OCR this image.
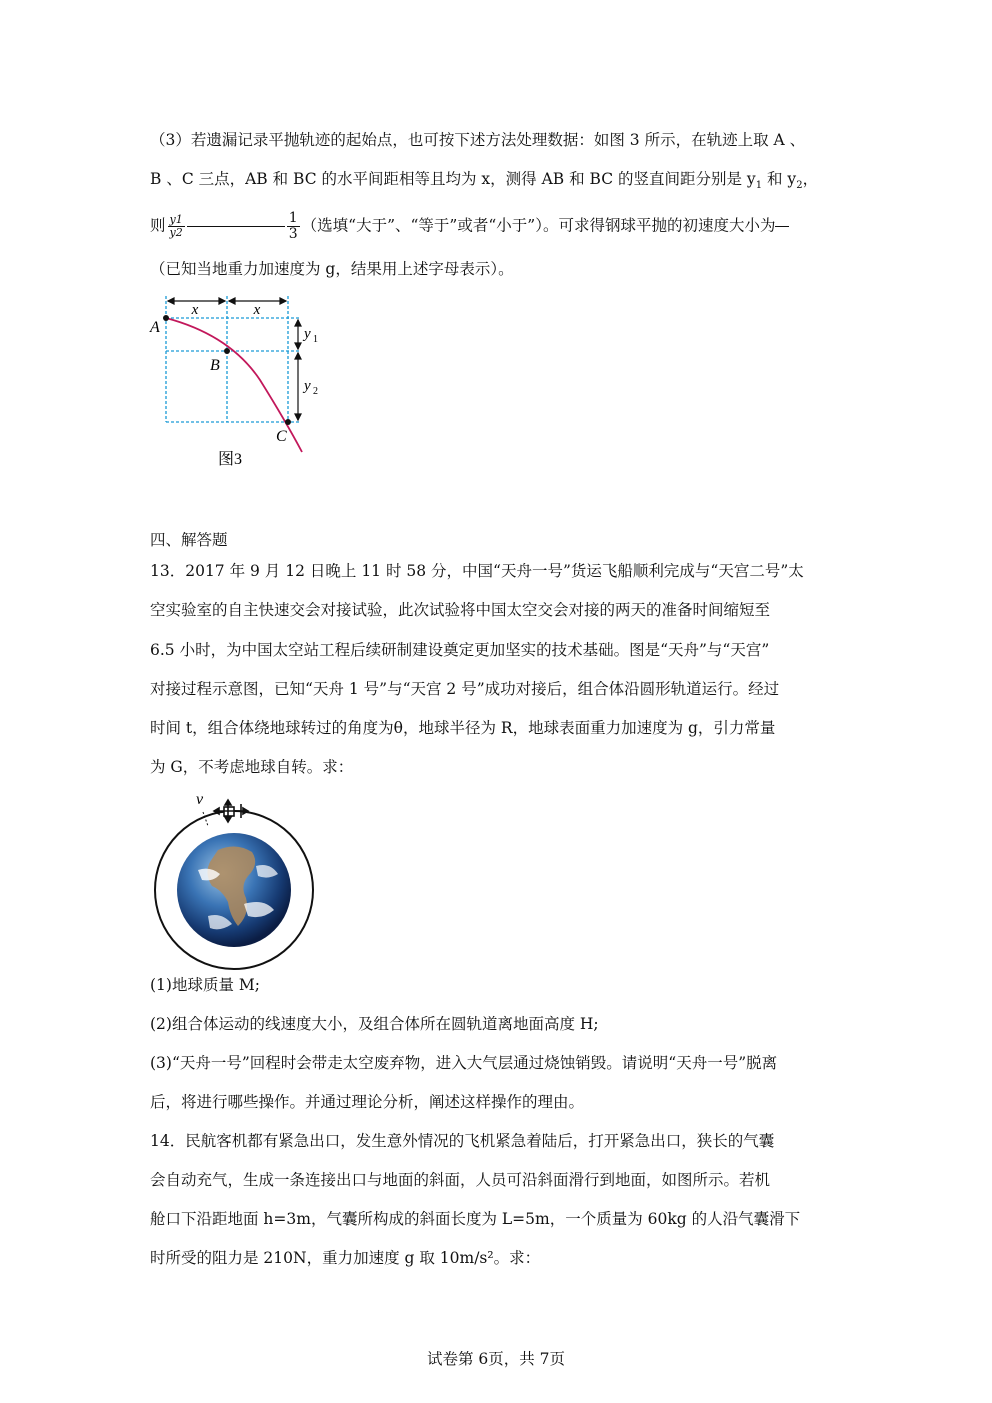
（3）若遗漏记录平抛轨迹的起始点，也可按下述方法处理数据：如图 3 所示，在轨迹上取 A 、
B 、C 三点，AB 和 BC 的水平间距相等且均为 x，测得 AB 和 BC 的竖直间距分别是 $y_1$ 和 $y_2$，
则 $\frac{y1}{y2}$	$\frac{1}{3}$ （选填“大于”、“等于”或者“小于”）。可求得钢球平抛的初速度大小为
（已知当地重力加速度为 g，结果用上述字母表示）。
x	x
A
B
C
y 1
y 2
图3
四、解答题
13．2017 年 9 月 12 日晚上 11 时 58 分，中国“天舟一号”货运飞船顺利完成与“天宫二号”太
空实验室的自主快速交会对接试验，此次试验将中国太空交会对接的两天的准备时间缩短至
6.5 小时，为中国太空站工程后续研制建设奠定更加坚实的技术基础。图是“天舟”与“天宫”
对接过程示意图，已知“天舟 1 号”与“天宫 2 号”成功对接后，组合体沿圆形轨道运行。经过
时间 t，组合体绕地球转过的角度为θ，地球半径为 R，地球表面重力加速度为 g，引力常量
为 G，不考虑地球自转。求：
v
(1)地球质量 M;
(2)组合体运动的线速度大小，及组合体所在圆轨道离地面高度 H;
(3)“天舟一号”回程时会带走太空废弃物，进入大气层通过烧蚀销毁。请说明“天舟一号”脱离
后，将进行哪些操作。并通过理论分析，阐述这样操作的理由。
14．民航客机都有紧急出口，发生意外情况的飞机紧急着陆后，打开紧急出口，狭长的气囊
会自动充气，生成一条连接出口与地面的斜面，人员可沿斜面滑行到地面，如图所示。若机
舱口下沿距地面 h=3m，气囊所构成的斜面长度为 L=5m，一个质量为 60kg 的人沿气囊滑下
时所受的阻力是 210N，重力加速度 g 取 10m/s²。求：
试卷第 6页，共 7页
